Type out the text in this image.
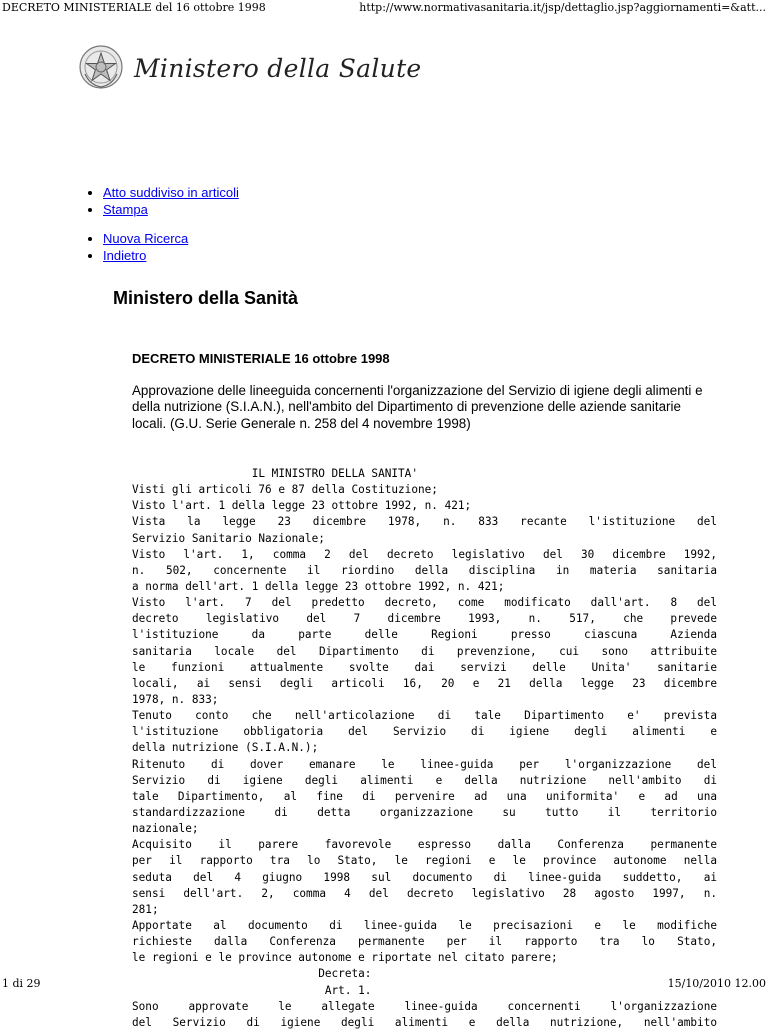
DECRETO MINISTERIALE del 16 ottobre 1998	http://www.normativasanitaria.it/jsp/dettaglio.jsp?aggiornamenti=&att...
Ministero della Salute
• Atto suddiviso in articoli
• Stampa
• Nuova Ricerca
• Indietro
Ministero della Sanità

DECRETO MINISTERIALE 16 ottobre 1998

Approvazione delle lineeguida concernenti l'organizzazione del Servizio di igiene degli alimenti e della nutrizione (S.I.A.N.), nell'ambito del Dipartimento di prevenzione delle aziende sanitarie locali. (G.U. Serie Generale n. 258 del 4 novembre 1998)

IL MINISTRO DELLA SANITA'
Visti gli articoli 76 e 87 della Costituzione;
Visto l'art. 1 della legge 23 ottobre 1992, n. 421;
Vista la legge 23 dicembre 1978, n. 833 recante l'istituzione del
Servizio Sanitario Nazionale;
Visto l'art. 1, comma 2 del decreto legislativo del 30 dicembre 1992,
n. 502, concernente il riordino della disciplina in materia sanitaria
a norma dell'art. 1 della legge 23 ottobre 1992, n. 421;
Visto l'art. 7 del predetto decreto, come modificato dall'art. 8 del
decreto legislativo del 7 dicembre 1993, n. 517, che prevede
l'istituzione da parte delle Regioni presso ciascuna Azienda
sanitaria locale del Dipartimento di prevenzione, cui sono attribuite
le funzioni attualmente svolte dai servizi delle Unita' sanitarie
locali, ai sensi degli articoli 16, 20 e 21 della legge 23 dicembre
1978, n. 833;
Tenuto conto che nell'articolazione di tale Dipartimento e' prevista
l'istituzione obbligatoria del Servizio di igiene degli alimenti e
della nutrizione (S.I.A.N.);
Ritenuto di dover emanare le linee-guida per l'organizzazione del
Servizio di igiene degli alimenti e della nutrizione nell'ambito di
tale Dipartimento, al fine di pervenire ad una uniformita' e ad una
standardizzazione di detta organizzazione su tutto il territorio
nazionale;
Acquisito il parere favorevole espresso dalla Conferenza permanente
per il rapporto tra lo Stato, le regioni e le province autonome nella
seduta del 4 giugno 1998 sul documento di linee-guida suddetto, ai
sensi dell'art. 2, comma 4 del decreto legislativo 28 agosto 1997, n.
281;
Apportate al documento di linee-guida le precisazioni e le modifiche
richieste dalla Conferenza permanente per il rapporto tra lo Stato,
le regioni e le province autonome e riportate nel citato parere;
Decreta:
Art. 1.
Sono approvate le allegate linee-guida concernenti l'organizzazione
del Servizio di igiene degli alimenti e della nutrizione, nell'ambito
1 di 29	15/10/2010 12.00
